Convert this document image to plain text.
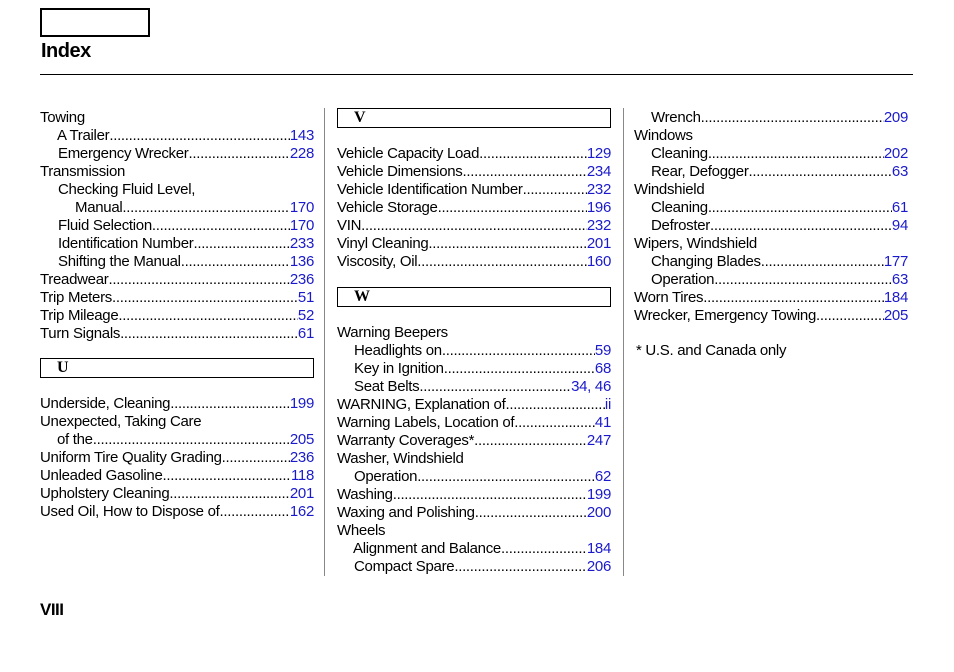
Index
Towing
A Trailer .....	143
Emergency Wrecker .....	228
Transmission
Checking Fluid Level,
Manual .....	170
Fluid Selection .....	170
Identification Number .....	233
Shifting the Manual .....	136
Treadwear .....	236
Trip Meters .....	51
Trip Mileage .....	52
Turn Signals .....	61
U
Underside, Cleaning .....	199
Unexpected, Taking Care
of the .....	205
Uniform Tire Quality Grading .....	236
Unleaded Gasoline .....	118
Upholstery Cleaning .....	201
Used Oil, How to Dispose of .....	162
V
Vehicle Capacity Load .....	129
Vehicle Dimensions .....	234
Vehicle Identification Number .....	232
Vehicle Storage .....	196
VIN .....	232
Vinyl Cleaning .....	201
Viscosity, Oil .....	160
W
Warning Beepers
Headlights on .....	59
Key in Ignition .....	68
Seat Belts .....	34, 46
WARNING, Explanation of .....	ii
Warning Labels, Location of .....	41
Warranty Coverages* .....	247
Washer, Windshield
Operation .....	62
Washing .....	199
Waxing and Polishing .....	200
Wheels
Alignment and Balance .....	184
Compact Spare .....	206
Wrench .....	209
Windows
Cleaning .....	202
Rear, Defogger .....	63
Windshield
Cleaning .....	61
Defroster .....	94
Wipers, Windshield
Changing Blades .....	177
Operation .....	63
Worn Tires .....	184
Wrecker, Emergency Towing .....	205
* U.S. and Canada only
VIII
